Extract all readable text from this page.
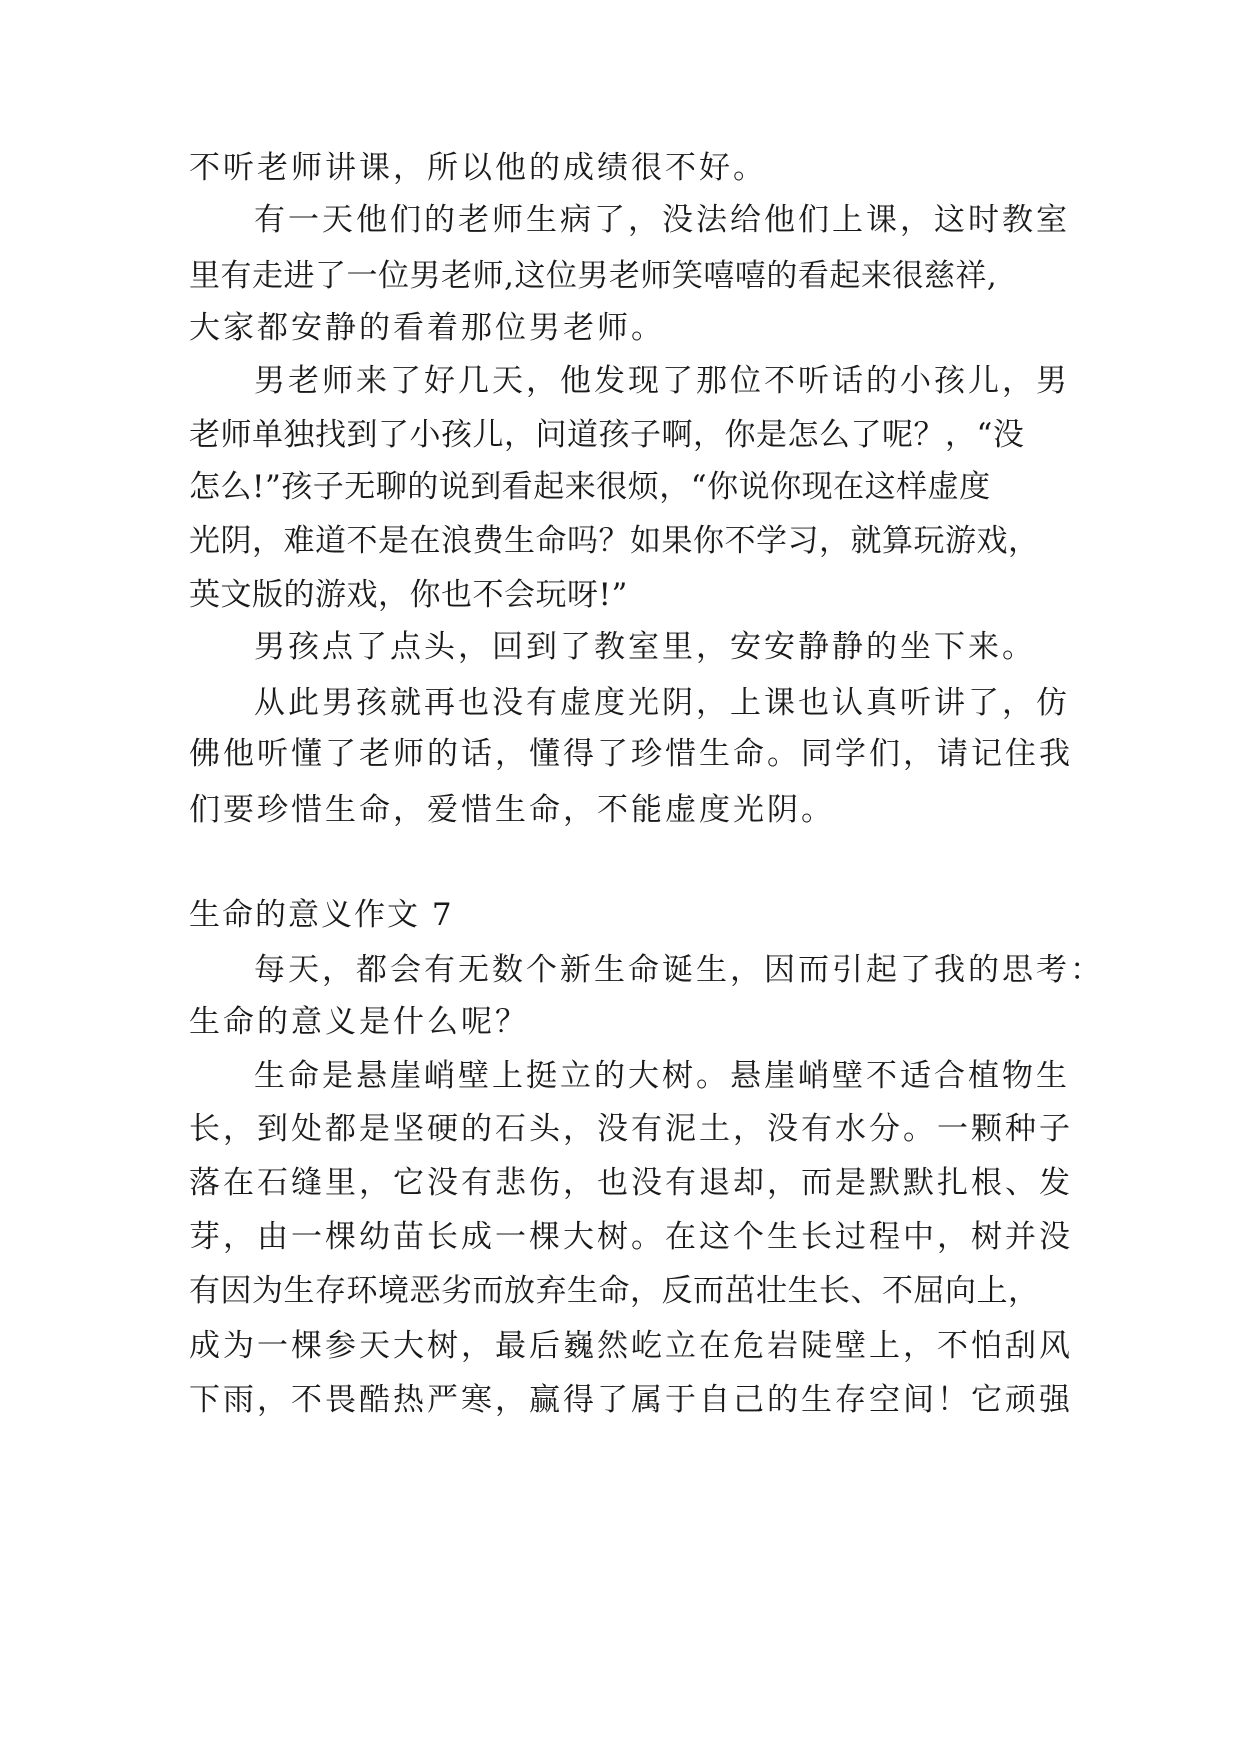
不听老师讲课，所以他的成绩很不好。
有一天他们的老师生病了，没法给他们上课，这时教室
里有走进了一位男老师,这位男老师笑嘻嘻的看起来很慈祥,
大家都安静的看着那位男老师。
男老师来了好几天，他发现了那位不听话的小孩儿，男
老师单独找到了小孩儿，问道孩子啊，你是怎么了呢？，“没
怎么!”孩子无聊的说到看起来很烦，“你说你现在这样虚度
光阴，难道不是在浪费生命吗？如果你不学习，就算玩游戏，
英文版的游戏，你也不会玩呀!”
男孩点了点头，回到了教室里，安安静静的坐下来。
从此男孩就再也没有虚度光阴，上课也认真听讲了，仿
佛他听懂了老师的话，懂得了珍惜生命。同学们，请记住我
们要珍惜生命，爱惜生命，不能虚度光阴。
生命的意义作文 7
每天，都会有无数个新生命诞生，因而引起了我的思考：
生命的意义是什么呢？
生命是悬崖峭壁上挺立的大树。悬崖峭壁不适合植物生
长，到处都是坚硬的石头，没有泥土，没有水分。一颗种子
落在石缝里，它没有悲伤，也没有退却，而是默默扎根、发
芽，由一棵幼苗长成一棵大树。在这个生长过程中，树并没
有因为生存环境恶劣而放弃生命，反而茁壮生长、不屈向上，
成为一棵参天大树，最后巍然屹立在危岩陡壁上，不怕刮风
下雨，不畏酷热严寒，赢得了属于自己的生存空间！它顽强
